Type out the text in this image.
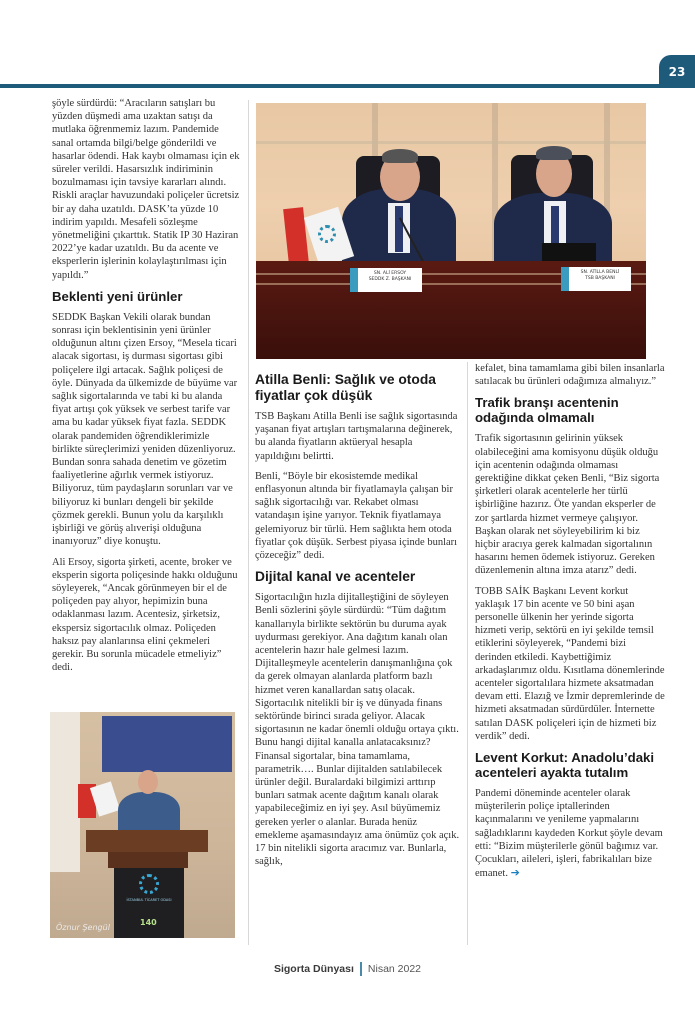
23

şöyle sürdürdü: “Aracıların satışları bu yüzden düşmedi ama uzaktan satışı da mutlaka öğrenmemiz lazım. Pandemide sanal ortamda bilgi/belge gönderildi ve hasarlar ödendi. Hak kaybı olmaması için ek süreler verildi. Hasarsızlık indiriminin bozulmaması için tavsiye kararları alındı. Riskli araçlar havuzundaki poliçeler ücretsiz bir ay daha uzatıldı. DASK’ta yüzde 10 indirim yapıldı. Mesafeli sözleşme yönetmeliğini çıkarttık. Statik IP 30 Haziran 2022’ye kadar uzatıldı. Bu da acente ve eksperlerin işlerinin kolaylaştırılması için yapıldı.”

Beklenti yeni ürünler

SEDDK Başkan Vekili olarak bundan sonrası için beklentisinin yeni ürünler olduğunun altını çizen Ersoy, “Mesela ticari alacak sigortası, iş durması sigortası gibi poliçelere ilgi artacak. Sağlık poliçesi de öyle. Dünyada da ülkemizde de büyüme var sağlık sigortalarında ve tabi ki bu alanda fiyat artışı çok yüksek ve serbest tarife var ama bu kadar yüksek fiyat fazla. SEDDK olarak pandemiden öğrendiklerimizle birlikte süreçlerimizi yeniden düzenliyoruz. Bundan sonra sahada denetim ve gözetim faaliyetlerine ağırlık vermek istiyoruz. Biliyoruz, tüm paydaşların sorunları var ve biliyoruz ki bunları dengeli bir şekilde çözmek gerekli. Bunun yolu da karşılıklı işbirliği ve görüş alıverişi olduğuna inanıyoruz” diye konuştu.

Ali Ersoy, sigorta şirketi, acente, broker ve eksperin sigorta poliçesinde hakkı olduğunu söyleyerek, “Ancak görünmeyen bir el de poliçeden pay alıyor, hepimizin buna odaklanması lazım. Acentesiz, şirketsiz, ekspersiz sigortacılık olmaz. Poliçeden haksız pay alanlarınsa elini çekmeleri gerekir. Bu sorunla mücadele etmeliyiz” dedi.

İSTANBUL TİCARET ODASI
140
Öznur Şengül
SN. ALİ ERSOY
SEDDK Z. BAŞKANI
SN. ATİLLA BENLİ
TSB BAŞKANI
Atilla Benli: Sağlık ve otoda fiyatlar çok düşük

TSB Başkanı Atilla Benli ise sağlık sigortasında yaşanan fiyat artışları tartışmalarına değinerek, bu alanda fiyatların aktüeryal hesapla yapıldığını belirtti.

Benli, “Böyle bir ekosistemde medikal enflasyonun altında bir fiyatlamayla çalışan bir sağlık sigortacılığı var. Rekabet olması vatandaşın işine yarıyor. Teknik fiyatlamaya gelemiyoruz bir türlü. Hem sağlıkta hem otoda fiyatlar çok düşük. Serbest piyasa içinde bunları çözeceğiz” dedi.

Dijital kanal ve acenteler

Sigortacılığın hızla dijitalleştiğini de söyleyen Benli sözlerini şöyle sürdürdü: “Tüm dağıtım kanallarıyla birlikte sektörün bu duruma ayak uydurması gerekiyor. Ana dağıtım kanalı olan acentelerin hazır hale gelmesi lazım. Dijitalleşmeyle acentelerin danışmanlığına çok da gerek olmayan alanlarda platform bazlı hizmet veren kanallardan satış olacak. Sigortacılık nitelikli bir iş ve dünyada finans sektöründe birinci sırada geliyor. Alacak sigortasının ne kadar önemli olduğu ortaya çıktı. Bunu hangi dijital kanalla anlatacaksınız? Finansal sigortalar, bina tamamlama, parametrik…. Bunlar dijitalden satılabilecek ürünler değil. Buralardaki bilgimizi arttırıp bunları satmak acente dağıtım kanalı olarak yapabileceğimiz en iyi şey. Asıl büyümemiz gereken yerler o alanlar. Burada henüz emekleme aşamasındayız ama önümüz çok açık. 17 bin nitelikli sigorta aracımız var. Bunlarla, sağlık,

kefalet, bina tamamlama gibi bilen insanlarla satılacak bu ürünleri odağımıza almalıyız.”

Trafik branşı acentenin odağında olmamalı

Trafik sigortasının gelirinin yüksek olabileceğini ama komisyonu düşük olduğu için acentenin odağında olmaması gerektiğine dikkat çeken Benli, “Biz sigorta şirketleri olarak acentelerle her türlü işbirliğine hazırız. Öte yandan eksperler de zor şartlarda hizmet vermeye çalışıyor. Başkan olarak net söyleyebilirim ki biz hiçbir aracıya gerek kalmadan sigortalının hasarını hemen ödemek istiyoruz. Gereken düzenlemenin altına imza atarız” dedi.

TOBB SAİK Başkanı Levent korkut yaklaşık 17 bin acente ve 50 bini aşan personelle ülkenin her yerinde sigorta hizmeti verip, sektörü en iyi şekilde temsil etiklerini söyleyerek, “Pandemi bizi derinden etkiledi. Kaybettiğimiz arkadaşlarımız oldu. Kısıtlama dönemlerinde acenteler sigortalılara hizmete aksatmadan devam etti. Elazığ ve İzmir depremlerinde de hizmeti aksatmadan sürdürdüler. İnternette satılan DASK poliçeleri için de hizmeti biz verdik” dedi.

Levent Korkut: Anadolu’daki acenteleri ayakta tutalım

Pandemi döneminde acenteler olarak müşterilerin poliçe iptallerinden kaçınmalarını ve yenileme yapmalarını sağladıklarını kaydeden Korkut şöyle devam etti: “Bizim müşterilerle gönül bağımız var. Çocukları, aileleri, işleri, fabrikalıları bize emanet. ➔

Sigorta Dünyası Nisan 2022
